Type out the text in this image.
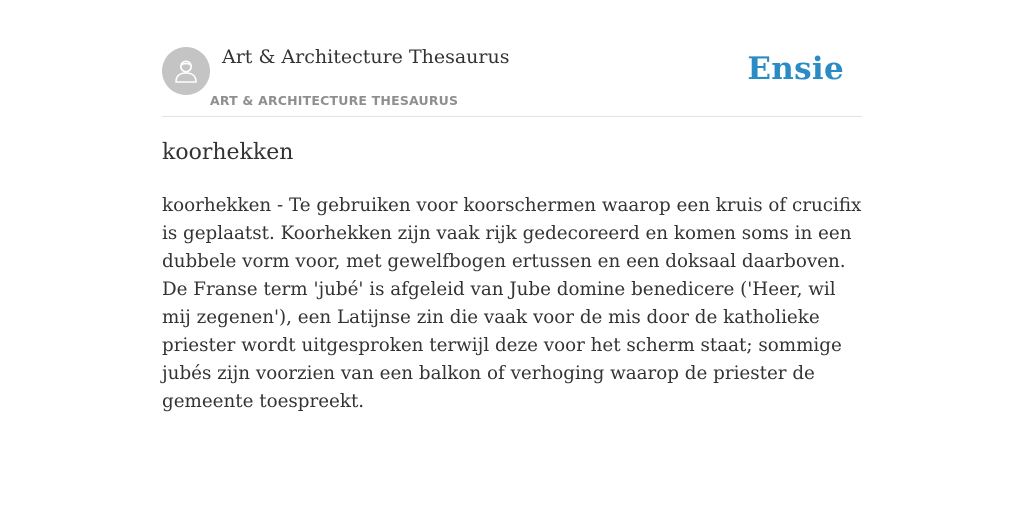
Art & Architecture Thesaurus
ART & ARCHITECTURE THESAURUS
Ensie
koorhekken

koorhekken - Te gebruiken voor koorschermen waarop een kruis of crucifix is geplaatst. Koorhekken zijn vaak rijk gedecoreerd en komen soms in een dubbele vorm voor, met gewelfbogen ertussen en een doksaal daarboven. De Franse term 'jubé' is afgeleid van Jube domine benedicere ('Heer, wil mij zegenen'), een Latijnse zin die vaak voor de mis door de katholieke priester wordt uitgesproken terwijl deze voor het scherm staat; sommige jubés zijn voorzien van een balkon of verhoging waarop de priester de gemeente toespreekt.
